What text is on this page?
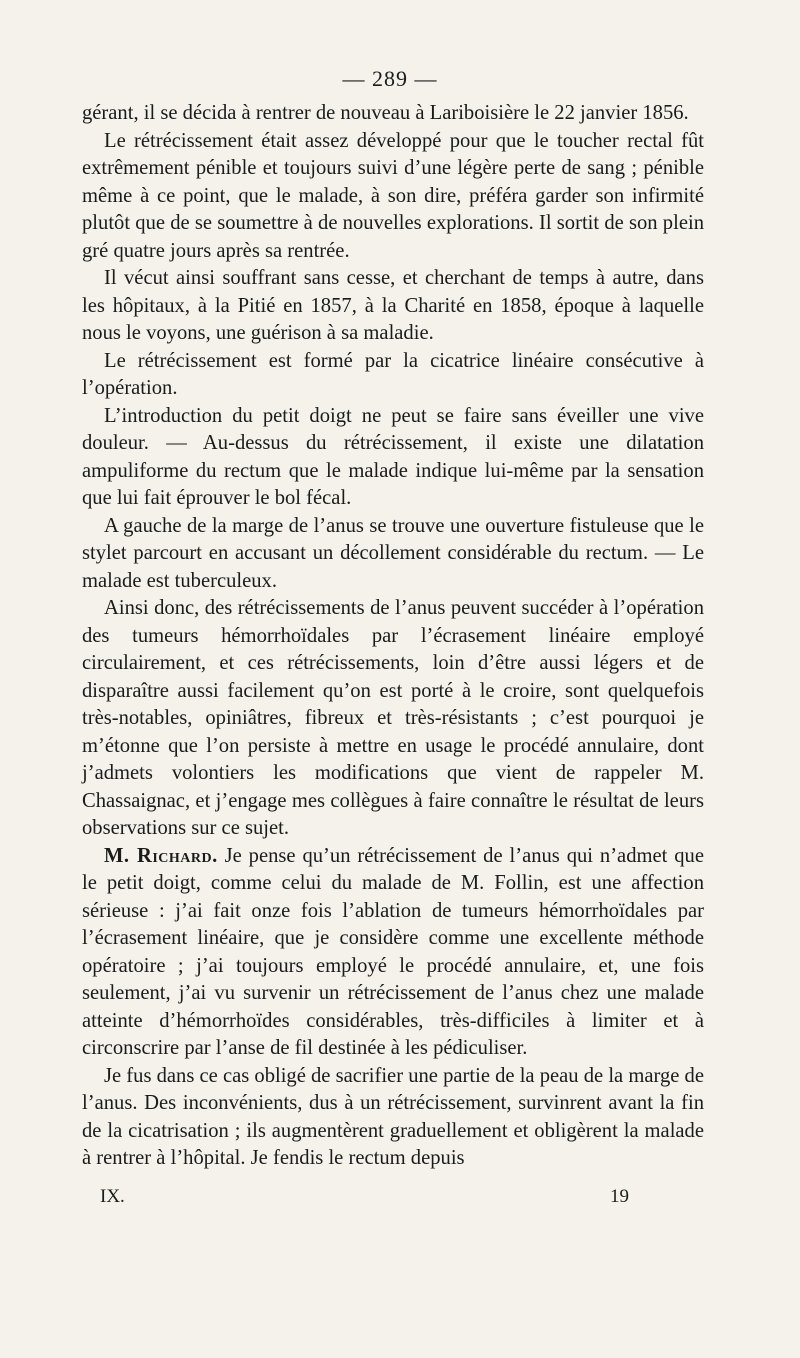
— 289 —

gérant, il se décida à rentrer de nouveau à Lariboisière le 22 janvier 1856.

Le rétrécissement était assez développé pour que le toucher rectal fût extrêmement pénible et toujours suivi d’une légère perte de sang ; pénible même à ce point, que le malade, à son dire, préféra garder son infirmité plutôt que de se soumettre à de nouvelles explorations. Il sortit de son plein gré quatre jours après sa rentrée.

Il vécut ainsi souffrant sans cesse, et cherchant de temps à autre, dans les hôpitaux, à la Pitié en 1857, à la Charité en 1858, époque à laquelle nous le voyons, une guérison à sa maladie.

Le rétrécissement est formé par la cicatrice linéaire consécutive à l’opération.

L’introduction du petit doigt ne peut se faire sans éveiller une vive douleur. — Au-dessus du rétrécissement, il existe une dilatation ampuliforme du rectum que le malade indique lui-même par la sensation que lui fait éprouver le bol fécal.

A gauche de la marge de l’anus se trouve une ouverture fistuleuse que le stylet parcourt en accusant un décollement considérable du rectum. — Le malade est tuberculeux.

Ainsi donc, des rétrécissements de l’anus peuvent succéder à l’opération des tumeurs hémorrhoïdales par l’écrasement linéaire employé circulairement, et ces rétrécissements, loin d’être aussi légers et de disparaître aussi facilement qu’on est porté à le croire, sont quelquefois très-notables, opiniâtres, fibreux et très-résistants ; c’est pourquoi je m’étonne que l’on persiste à mettre en usage le procédé annulaire, dont j’admets volontiers les modifications que vient de rappeler M. Chassaignac, et j’engage mes collègues à faire connaître le résultat de leurs observations sur ce sujet.

M. Richard. Je pense qu’un rétrécissement de l’anus qui n’admet que le petit doigt, comme celui du malade de M. Follin, est une affection sérieuse : j’ai fait onze fois l’ablation de tumeurs hémorrhoïdales par l’écrasement linéaire, que je considère comme une excellente méthode opératoire ; j’ai toujours employé le procédé annulaire, et, une fois seulement, j’ai vu survenir un rétrécissement de l’anus chez une malade atteinte d’hémorrhoïdes considérables, très-difficiles à limiter et à circonscrire par l’anse de fil destinée à les pédiculiser.

Je fus dans ce cas obligé de sacrifier une partie de la peau de la marge de l’anus. Des inconvénients, dus à un rétrécissement, survinrent avant la fin de la cicatrisation ; ils augmentèrent graduellement et obligèrent la malade à rentrer à l’hôpital. Je fendis le rectum depuis

IX.	19
